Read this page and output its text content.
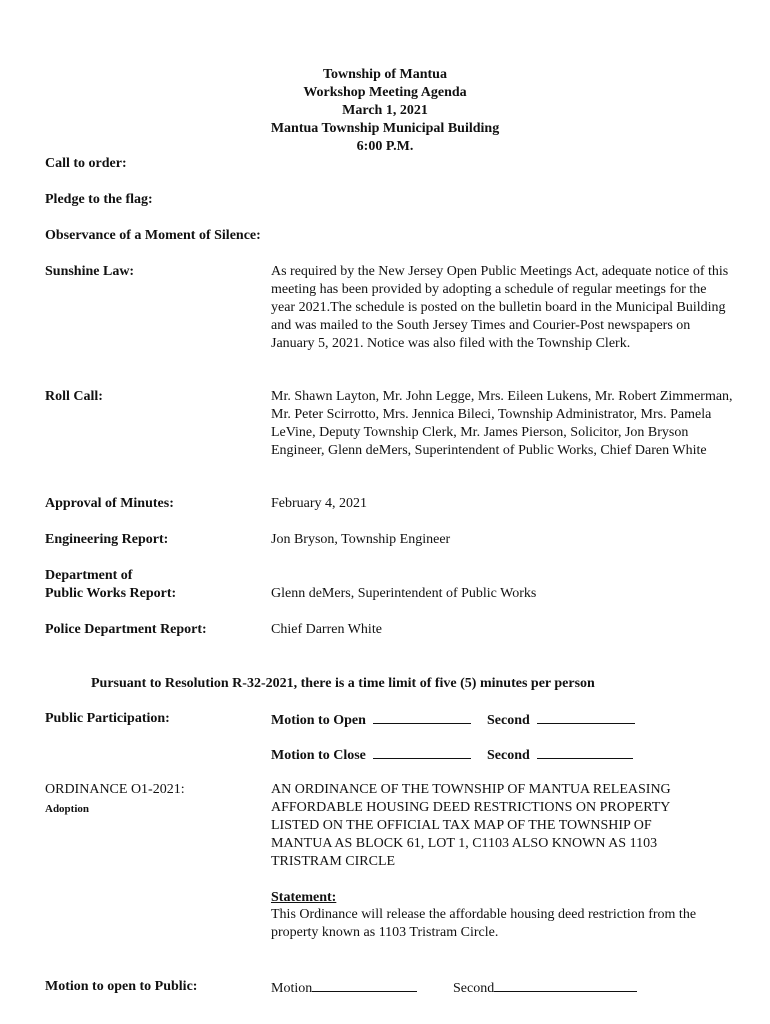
Township of Mantua
Workshop Meeting Agenda
March 1, 2021
Mantua Township Municipal Building
6:00 P.M.
Call to order:
Pledge to the flag:
Observance of a Moment of Silence:
Sunshine Law:	As required by the New Jersey Open Public Meetings Act, adequate notice of this meeting has been provided by adopting a schedule of regular meetings for the year 2021.The schedule is posted on the bulletin board in the Municipal Building and was mailed to the South Jersey Times and Courier-Post newspapers on January 5, 2021. Notice was also filed with the Township Clerk.
Roll Call:	Mr. Shawn Layton, Mr. John Legge, Mrs. Eileen Lukens, Mr. Robert Zimmerman, Mr. Peter Scirrotto, Mrs. Jennica Bileci, Township Administrator, Mrs. Pamela LeVine, Deputy Township Clerk, Mr. James Pierson, Solicitor, Jon Bryson Engineer, Glenn deMers, Superintendent of Public Works, Chief Daren White
Approval of Minutes:	February 4, 2021
Engineering Report:	Jon Bryson, Township Engineer
Department of
Public Works Report:	Glenn deMers, Superintendent of Public Works
Police Department Report:	Chief Darren White
Pursuant to Resolution R-32-2021, there is a time limit of five (5) minutes per person
Public Participation:	Motion to Open	Second
Motion to Close	Second
ORDINANCE O1-2021:
Adoption
AN ORDINANCE OF THE TOWNSHIP OF MANTUA RELEASING AFFORDABLE HOUSING DEED RESTRICTIONS ON PROPERTY LISTED ON THE OFFICIAL TAX MAP OF THE TOWNSHIP OF MANTUA AS BLOCK 61, LOT 1, C1103 ALSO KNOWN AS 1103 TRISTRAM CIRCLE
Statement:
This Ordinance will release the affordable housing deed restriction from the property known as 1103 Tristram Circle.
Motion to open to Public:	Motion	Second
